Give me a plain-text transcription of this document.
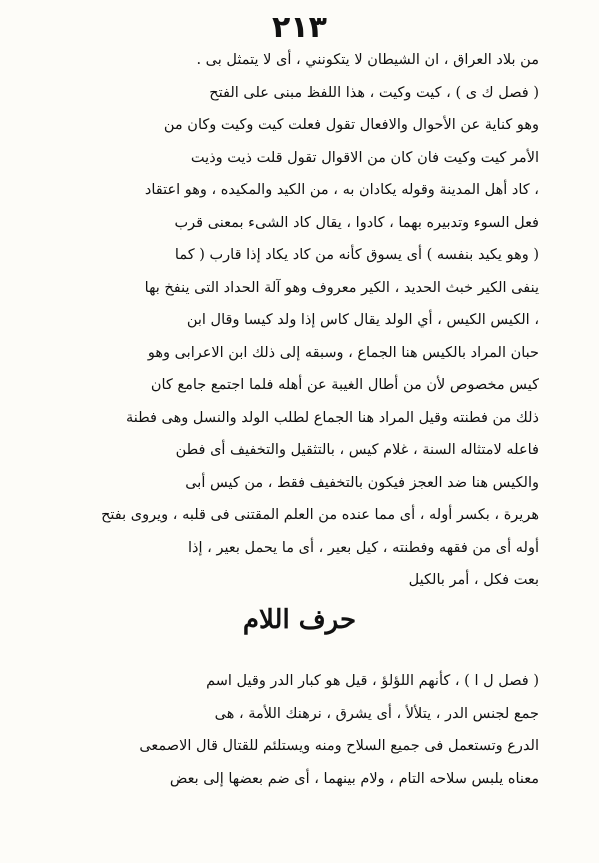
٢١٣
من بلاد العراق ، ان الشيطان لا يتكونني ، أى لا يتمثل بى .
( فصل ك ى ) ، كيت وكيت ، هذا اللفظ مبنى على الفتح
وهو كناية عن الأحوال والافعال تقول فعلت كيت وكيت وكان من
الأمر كيت وكيت فان كان من الاقوال تقول قلت ذيت وذيت
، كاد أهل المدينة وقوله يكادان به ، من الكيد والمكيده ، وهو اعتقاد
فعل السوء وتدبيره بهما ، كادوا ، يقال كاد الشىء بمعنى قرب
( وهو يكيد بنفسه ) أى يسوق كأنه من كاد يكاد إذا قارب ( كما
ينفى الكير خبث الحديد ، الكير معروف وهو آلة الحداد التى ينفخ بها
، الكيس الكيس ، أي الولد يقال كاس إذا ولد كيسا وقال ابن
حبان المراد بالكيس هنا الجماع ، وسبقه إلى ذلك ابن الاعرابى وهو
كيس مخصوص لأن من أطال الغيبة عن أهله فلما اجتمع جامع كان
ذلك من فطنته وقيل المراد هنا الجماع لطلب الولد والنسل وهى فطنة
فاعله لامتثاله السنة ، غلام كيس ، بالتثقيل والتخفيف أى فطن
والكيس هنا ضد العجز فيكون بالتخفيف فقط ، من كيس أبى
هريرة ، بكسر أوله ، أى مما عنده من العلم المقتنى فى قلبه ، ويروى بفتح
أوله أى من فقهه وفطنته ، كيل بعير ، أى ما يحمل بعير ، إذا
بعت فكل ، أمر بالكيل
حرف اللام
( فصل ل ا ) ، كأنهم اللؤلؤ ، قيل هو كبار الدر وقيل اسم
جمع لجنس الدر ، يتلألأ ، أى يشرق ، نرهنك اللأمة ، هى
الدرع وتستعمل فى جميع السلاح ومنه ويستلئم للقتال قال الاصمعى
معناه يلبس سلاحه التام ، ولام بينهما ، أى ضم بعضها إلى بعض
